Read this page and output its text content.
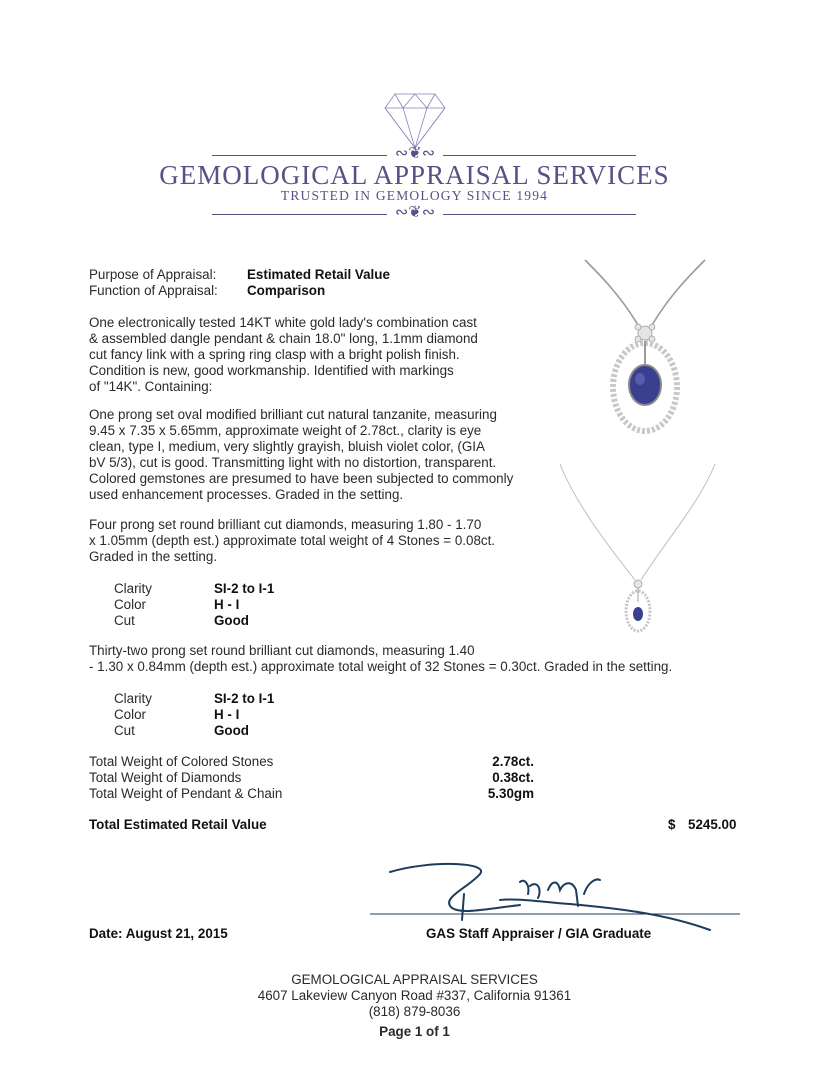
∾❦∾
GEMOLOGICAL APPRAISAL SERVICES
TRUSTED IN GEMOLOGY SINCE 1994
∾❦∾
Purpose of Appraisal: Estimated Retail Value
Function of Appraisal: Comparison
One electronically tested 14KT white gold lady's combination cast
& assembled dangle pendant & chain 18.0" long, 1.1mm diamond
cut fancy link with a spring ring clasp with a bright polish finish.
Condition is new, good workmanship. Identified with markings
of "14K". Containing:
One prong set oval modified brilliant cut natural tanzanite, measuring
9.45 x 7.35 x 5.65mm, approximate weight of 2.78ct., clarity is eye
clean, type I, medium, very slightly grayish, bluish violet color, (GIA
bV 5/3), cut is good. Transmitting light with no distortion, transparent.
Colored gemstones are presumed to have been subjected to commonly
used enhancement processes. Graded in the setting.
Four prong set round brilliant cut diamonds, measuring 1.80 - 1.70
x 1.05mm (depth est.) approximate total weight of 4 Stones = 0.08ct.
Graded in the setting.
Clarity	SI-2 to I-1
Color	H - I
Cut	Good
Thirty-two prong set round brilliant cut diamonds, measuring 1.40
- 1.30 x 0.84mm (depth est.) approximate total weight of 32 Stones = 0.30ct. Graded in the setting.
Clarity	SI-2 to I-1
Color	H - I
Cut	Good
Total Weight of Colored Stones	2.78ct.
Total Weight of Diamonds	0.38ct.
Total Weight of Pendant & Chain	5.30gm
Total Estimated Retail Value	$ 5245.00
Date: August 21, 2015	GAS Staff Appraiser / GIA Graduate
GEMOLOGICAL APPRAISAL SERVICES
4607 Lakeview Canyon Road #337, California 91361
(818) 879-8036
Page 1 of 1
